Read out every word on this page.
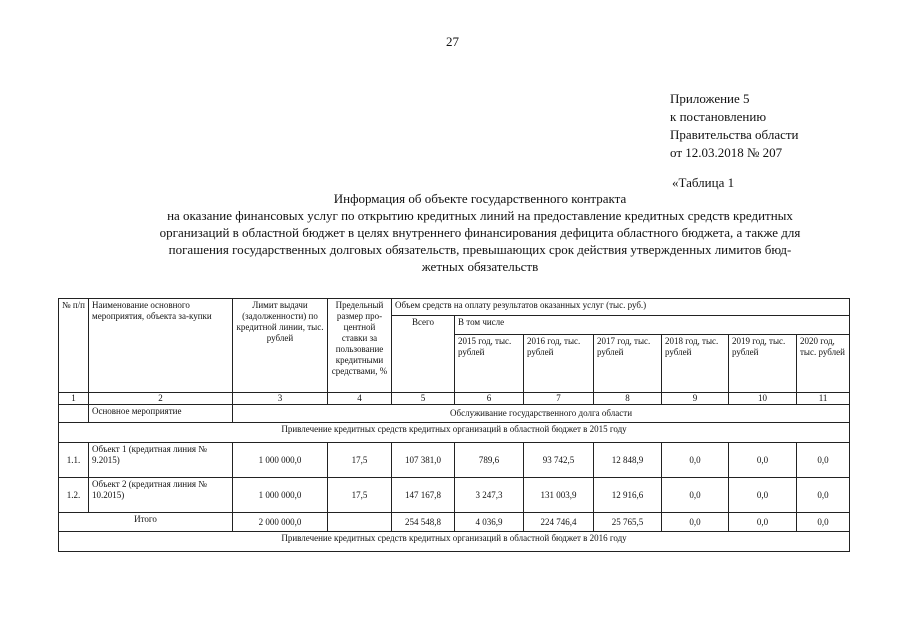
27
Приложение 5
к постановлению
Правительства области
от 12.03.2018 № 207
«Таблица 1
Информация об объекте государственного контракта
на оказание финансовых услуг по открытию кредитных линий на предоставление кредитных средств кредитных
организаций в областной бюджет в целях внутреннего финансирования дефицита областного бюджета, а также для
погашения государственных долговых обязательств, превышающих срок действия утвержденных лимитов бюд-
жетных обязательств
№ п/п	Наименование основного мероприятия, объекта за-купки	Лимит выдачи (задолженности) по кредитной линии, тыс. рублей	Предельный размер про-центной ставки за пользование кредитными средствами, %	Объем средств на оплату результатов оказанных услуг (тыс. руб.)						
				Всего	В том числе					
					2015 год, тыс. рублей	2016 год, тыс. рублей	2017 год, тыс. рублей	2018 год, тыс. рублей	2019 год, тыс. рублей	2020 год, тыс. рублей
1	2	3	4	5	6	7	8	9	10	11
	Основное мероприятие	Обслуживание государственного долга области								
Привлечение кредитных средств кредитных организаций в областной бюджет в 2015 году										
1.1.	Объект 1 (кредитная линия № 9.2015)	1 000 000,0	17,5	107 381,0	789,6	93 742,5	12 848,9	0,0	0,0	0,0
1.2.	Объект 2 (кредитная линия № 10.2015)	1 000 000,0	17,5	147 167,8	3 247,3	131 003,9	12 916,6	0,0	0,0	0,0
Итого		2 000 000,0		254 548,8	4 036,9	224 746,4	25 765,5	0,0	0,0	0,0
Привлечение кредитных средств кредитных организаций в областной бюджет в 2016 году										
